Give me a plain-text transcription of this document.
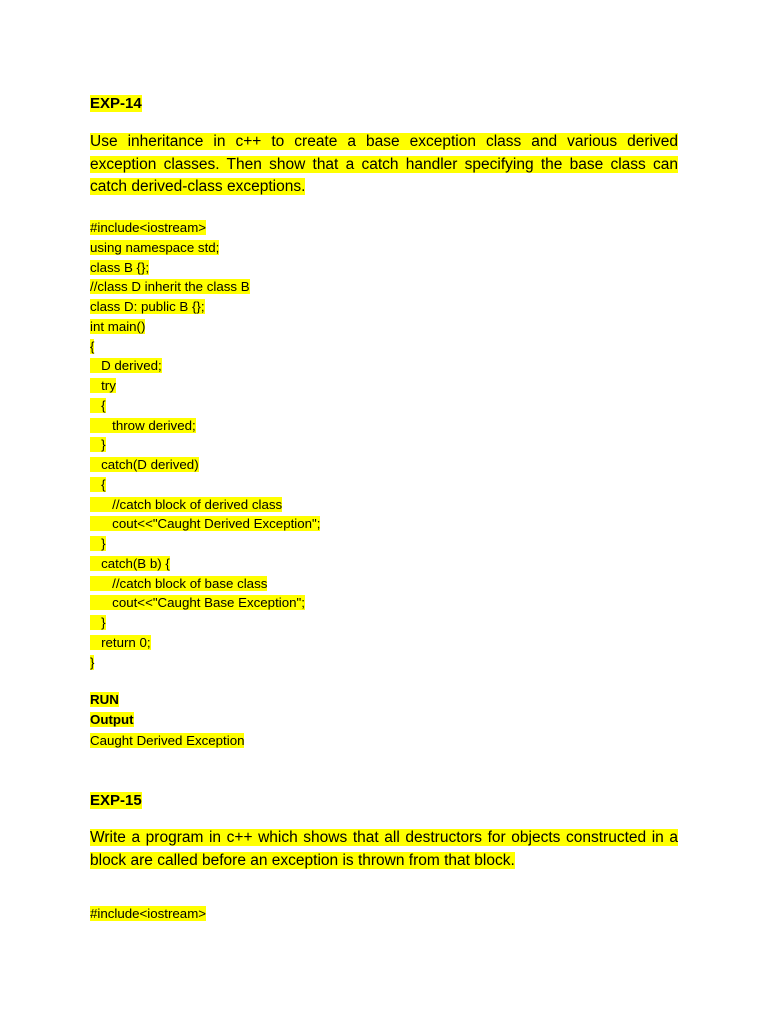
EXP-14

Use inheritance in c++ to create a base exception class and various derived exception classes. Then show that a catch handler specifying the base class can catch derived-class exceptions.

#include<iostream>
using namespace std;
class B {};
//class D inherit the class B
class D: public B {};
int main()
{
D derived;
try
{
throw derived;
}
catch(D derived)
{
//catch block of derived class
cout<<"Caught Derived Exception";
}
catch(B b) {
//catch block of base class
cout<<"Caught Base Exception";
}
return 0;
}

RUN

Output

Caught Derived Exception

EXP-15

Write a program in c++ which shows that all destructors for objects constructed in a block are called before an exception is thrown from that block.

#include<iostream>
